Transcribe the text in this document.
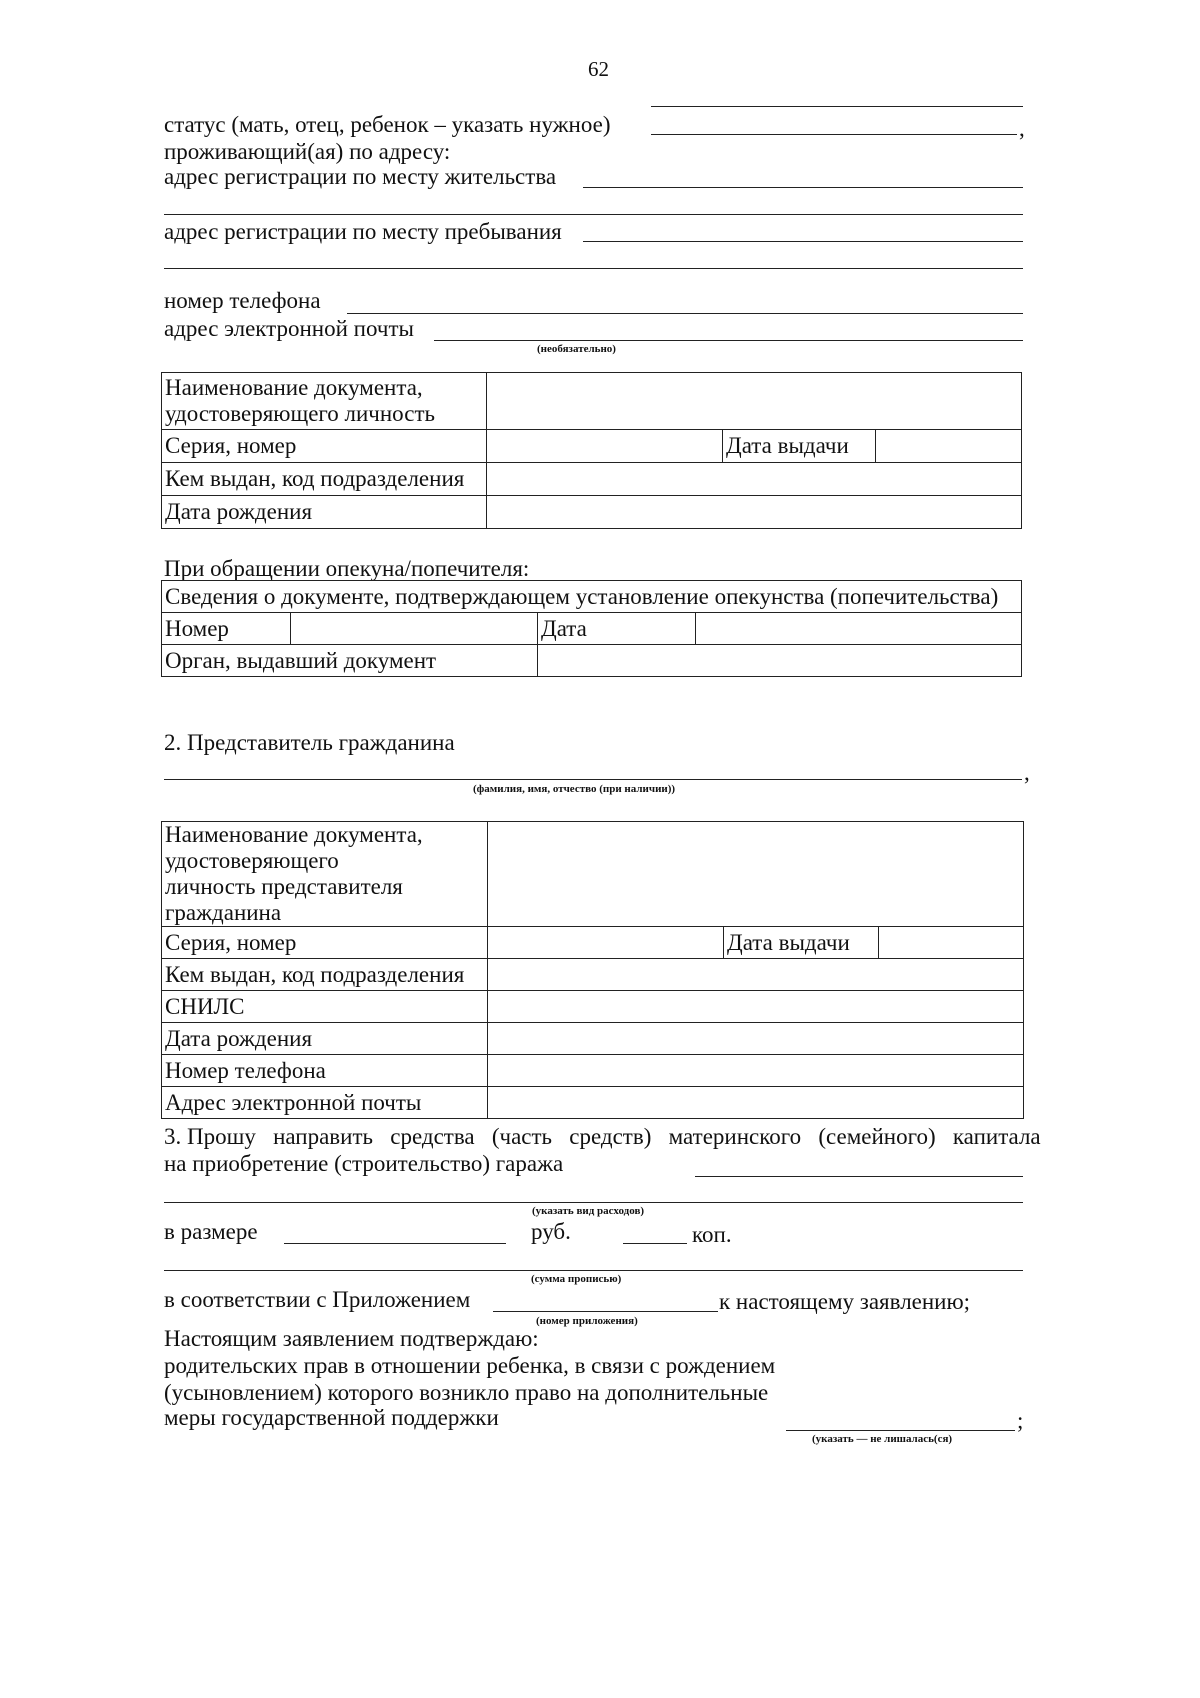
62
статус (мать, отец, ребенок – указать нужное)	,
проживающий(ая) по адресу:
адрес регистрации по месту жительства
адрес регистрации по месту пребывания
номер телефона
адрес электронной почты
(необязательно)
Наименование документа, удостоверяющего личность			
Серия, номер		Дата выдачи	
Кем выдан, код подразделения			
Дата рождения			
При обращении опекуна/попечителя:
Сведения о документе, подтверждающем установление опекунства (попечительства)			
Номер		Дата	
Орган, выдавший документ			
2. Представитель гражданина
,
(фамилия, имя, отчество (при наличии))
Наименование документа, удостоверяющего личность представителя гражданина			
Серия, номер		Дата выдачи	
Кем выдан, код подразделения			
СНИЛС			
Дата рождения			
Номер телефона			
Адрес электронной почты			
3. Прошу   направить   средства   (часть   средств)   материнского   (семейного)   капитала
на приобретение (строительство) гаража
(указать вид расходов)
в размере	руб.	коп.
(сумма прописью)
в соответствии с Приложением	к настоящему заявлению;
(номер приложения)
Настоящим заявлением подтверждаю:
родительских прав в отношении ребенка, в связи с рождением
(усыновлением) которого возникло право на дополнительные
меры государственной поддержки	;
(указать — не лишалась(ся)
